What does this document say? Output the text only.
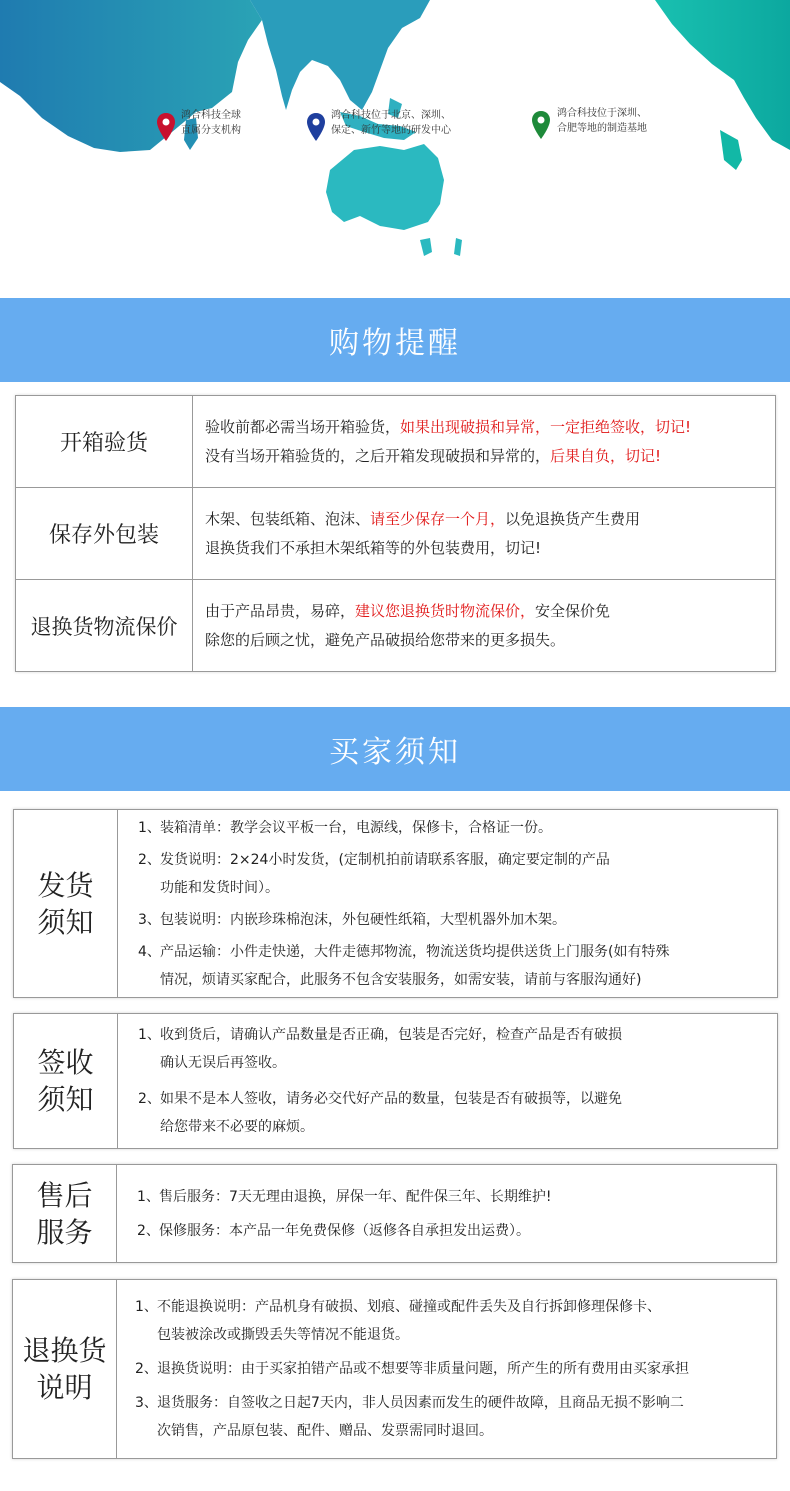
鸿合科技全球
直属分支机构
鸿合科技位于北京、深圳、
保定、新竹等地的研发中心
鸿合科技位于深圳、
合肥等地的制造基地
购物提醒
开箱验货
验收前都必需当场开箱验货，如果出现破损和异常，一定拒绝签收，切记!
没有当场开箱验货的，之后开箱发现破损和异常的，后果自负，切记!
保存外包装
木架、包装纸箱、泡沫、请至少保存一个月，以免退换货产生费用
退换货我们不承担木架纸箱等的外包装费用，切记!
退换货物流保价
由于产品昂贵，易碎，建议您退换货时物流保价，安全保价免
除您的后顾之忧，避免产品破损给您带来的更多损失。
买家须知
发货
须知
1、装箱清单：教学会议平板一台，电源线，保修卡，合格证一份。
2、发货说明：2×24小时发货，(定制机拍前请联系客服，确定要定制的产品
功能和发货时间）。
3、包装说明：内嵌珍珠棉泡沫，外包硬性纸箱，大型机器外加木架。
4、产品运输：小件走快递，大件走德邦物流，物流送货均提供送货上门服务(如有特殊
情况，烦请买家配合，此服务不包含安装服务，如需安装，请前与客服沟通好)
签收
须知
1、收到货后，请确认产品数量是否正确，包装是否完好，检查产品是否有破损
确认无误后再签收。
2、如果不是本人签收，请务必交代好产品的数量，包装是否有破损等，以避免
给您带来不必要的麻烦。
售后
服务
1、售后服务：7天无理由退换，屏保一年、配件保三年、长期维护!
2、保修服务：本产品一年免费保修（返修各自承担发出运费）。
退换货
说明
1、不能退换说明：产品机身有破损、划痕、碰撞或配件丢失及自行拆卸修理保修卡、
包装被涂改或撕毁丢失等情况不能退货。
2、退换货说明：由于买家拍错产品或不想要等非质量问题，所产生的所有费用由买家承担
3、退货服务：自签收之日起7天内，非人员因素而发生的硬件故障，且商品无损不影响二
次销售，产品原包装、配件、赠品、发票需同时退回。
